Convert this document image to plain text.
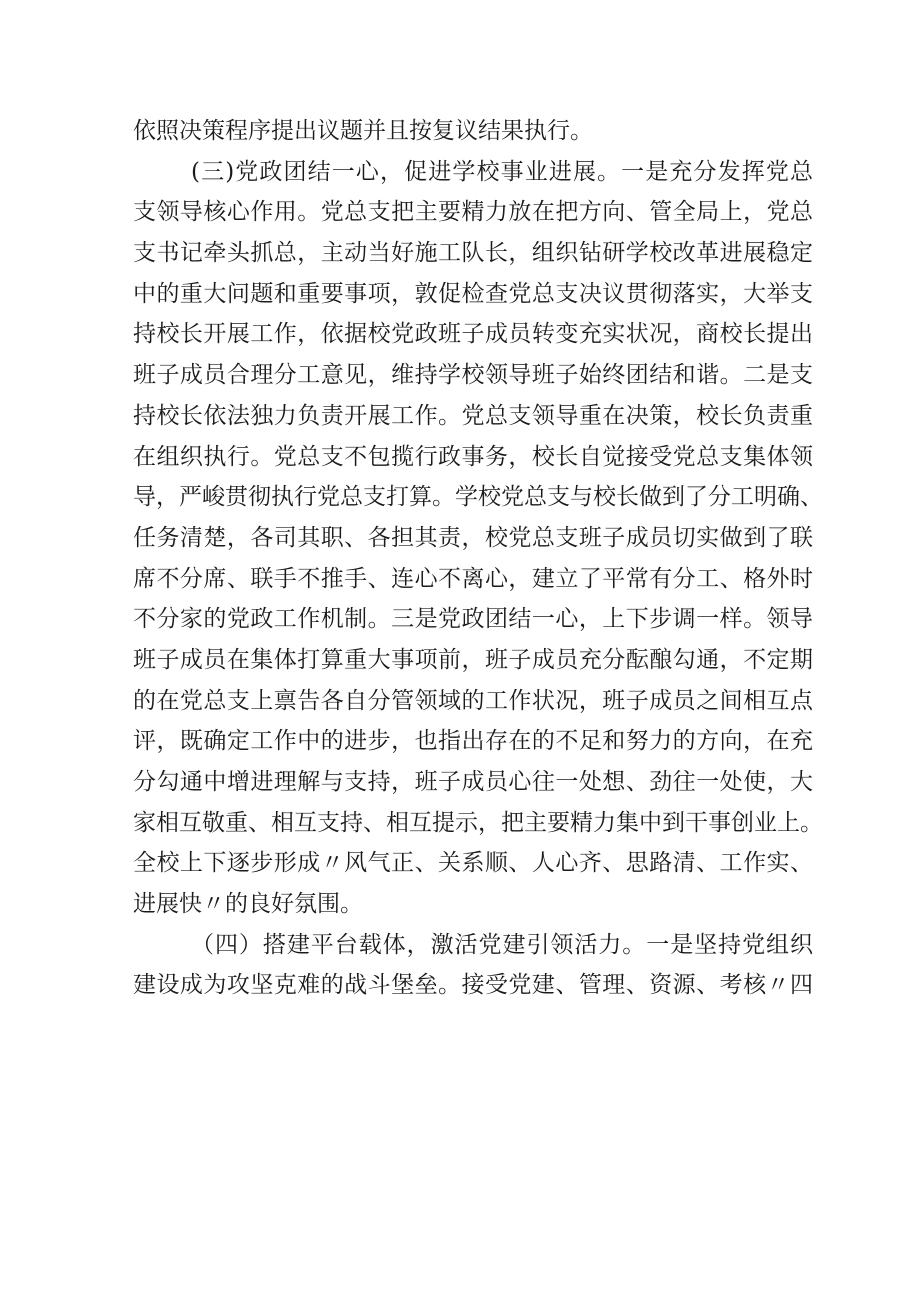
依照决策程序提出议题并且按复议结果执行。
(三)党政团结一心，促进学校事业进展。一是充分发挥党总
支领导核心作用。党总支把主要精力放在把方向、管全局上，党总
支书记牵头抓总，主动当好施工队长，组织钻研学校改革进展稳定
中的重大问题和重要事项，敦促检查党总支决议贯彻落实，大举支
持校长开展工作，依据校党政班子成员转变充实状况，商校长提出
班子成员合理分工意见，维持学校领导班子始终团结和谐。二是支
持校长依法独力负责开展工作。党总支领导重在决策，校长负责重
在组织执行。党总支不包揽行政事务，校长自觉接受党总支集体领
导，严峻贯彻执行党总支打算。学校党总支与校长做到了分工明确、
任务清楚，各司其职、各担其责，校党总支班子成员切实做到了联
席不分席、联手不推手、连心不离心，建立了平常有分工、格外时
不分家的党政工作机制。三是党政团结一心，上下步调一样。领导
班子成员在集体打算重大事项前，班子成员充分酝酿勾通，不定期
的在党总支上禀告各自分管领域的工作状况，班子成员之间相互点
评，既确定工作中的进步，也指出存在的不足和努力的方向，在充
分勾通中增进理解与支持，班子成员心往一处想、劲往一处使，大
家相互敬重、相互支持、相互提示，把主要精力集中到干事创业上。
全校上下逐步形成〃风气正、关系顺、人心齐、思路清、工作实、
进展快〃的良好氛围。
（四）搭建平台载体，激活党建引领活力。一是坚持党组织
建设成为攻坚克难的战斗堡垒。接受党建、管理、资源、考核〃四
